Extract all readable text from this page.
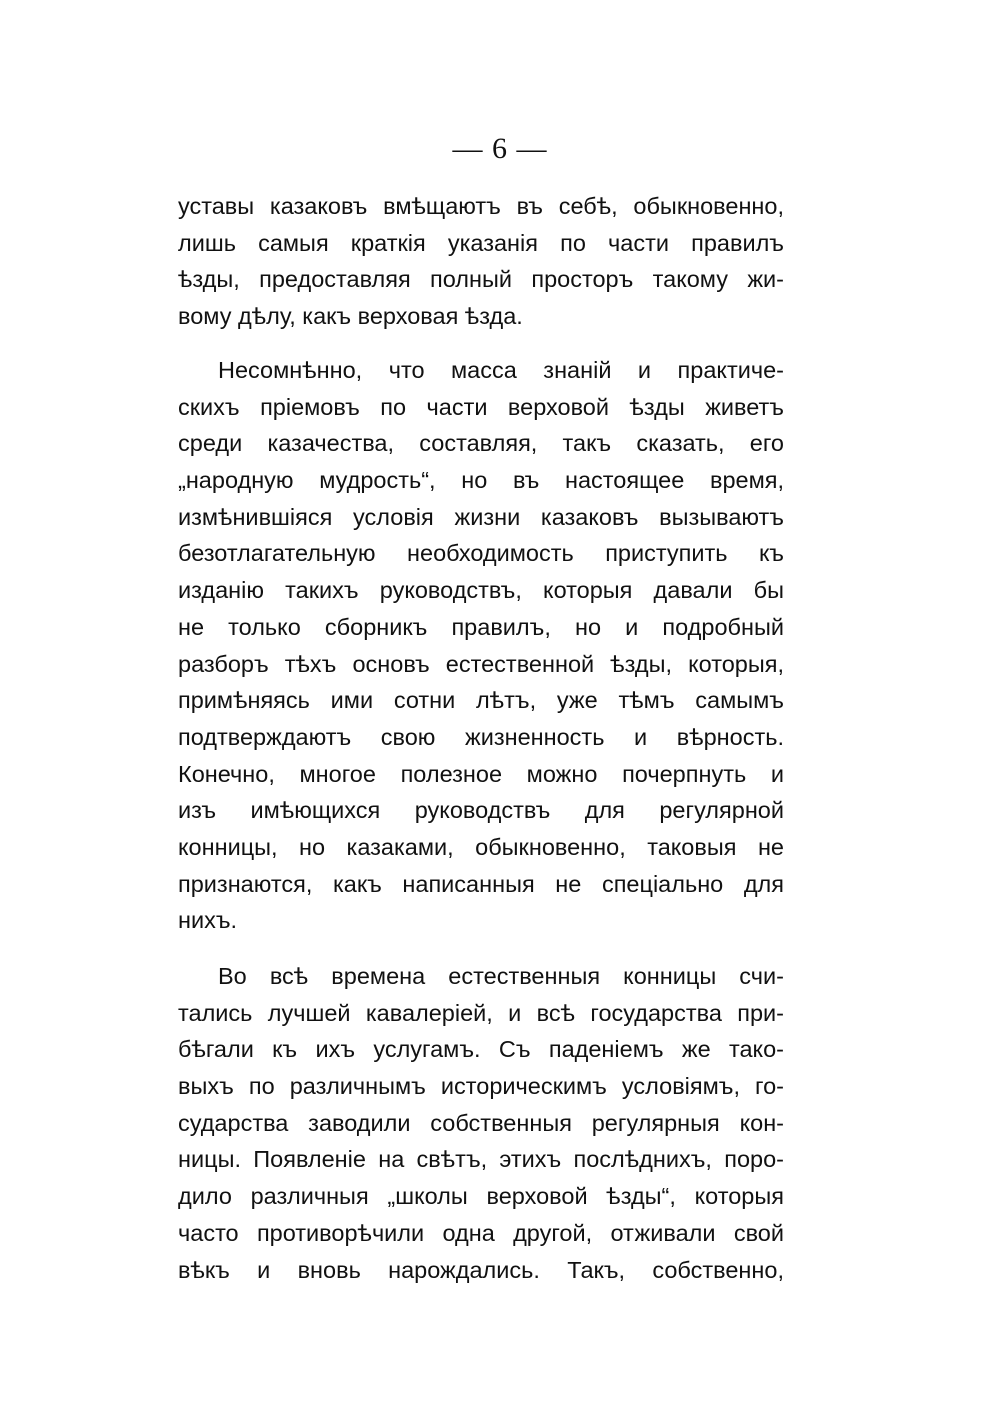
— 6 —
уставы казаковъ вмѣщаютъ въ себѣ, обыкновенно,
лишь самыя краткія указанія по части правилъ
ѣзды, предоставляя полный просторъ такому жи-
вому дѣлу, какъ верховая ѣзда.
Несомнѣнно, что масса знаній и практиче-
скихъ пріемовъ по части верховой ѣзды живетъ
среди казачества, составляя, такъ сказать, его
„народную мудрость“, но въ настоящее время,
измѣнившіяся условія жизни казаковъ вызываютъ
безотлагательную необходимость приступить къ
изданію такихъ руководствъ, которыя давали бы
не только сборникъ правилъ, но и подробный
разборъ тѣхъ основъ естественной ѣзды, которыя,
примѣняясь ими сотни лѣтъ, уже тѣмъ самымъ
подтверждаютъ свою жизненность и вѣрность.
Конечно, многое полезное можно почерпнуть и
изъ имѣющихся руководствъ для регулярной
конницы, но казаками, обыкновенно, таковыя не
признаются, какъ написанныя не спеціально для
нихъ.
Во всѣ времена естественныя конницы счи-
тались лучшей кавалеріей, и всѣ государства при-
бѣгали къ ихъ услугамъ. Съ паденіемъ же тако-
выхъ по различнымъ историческимъ условіямъ, го-
сударства заводили собственныя регулярныя кон-
ницы. Появленіе на свѣтъ, этихъ послѣднихъ, поро-
дило различныя „школы верховой ѣзды“, которыя
часто противорѣчили одна другой, отживали свой
вѣкъ и вновь нарождались. Такъ, собственно,
